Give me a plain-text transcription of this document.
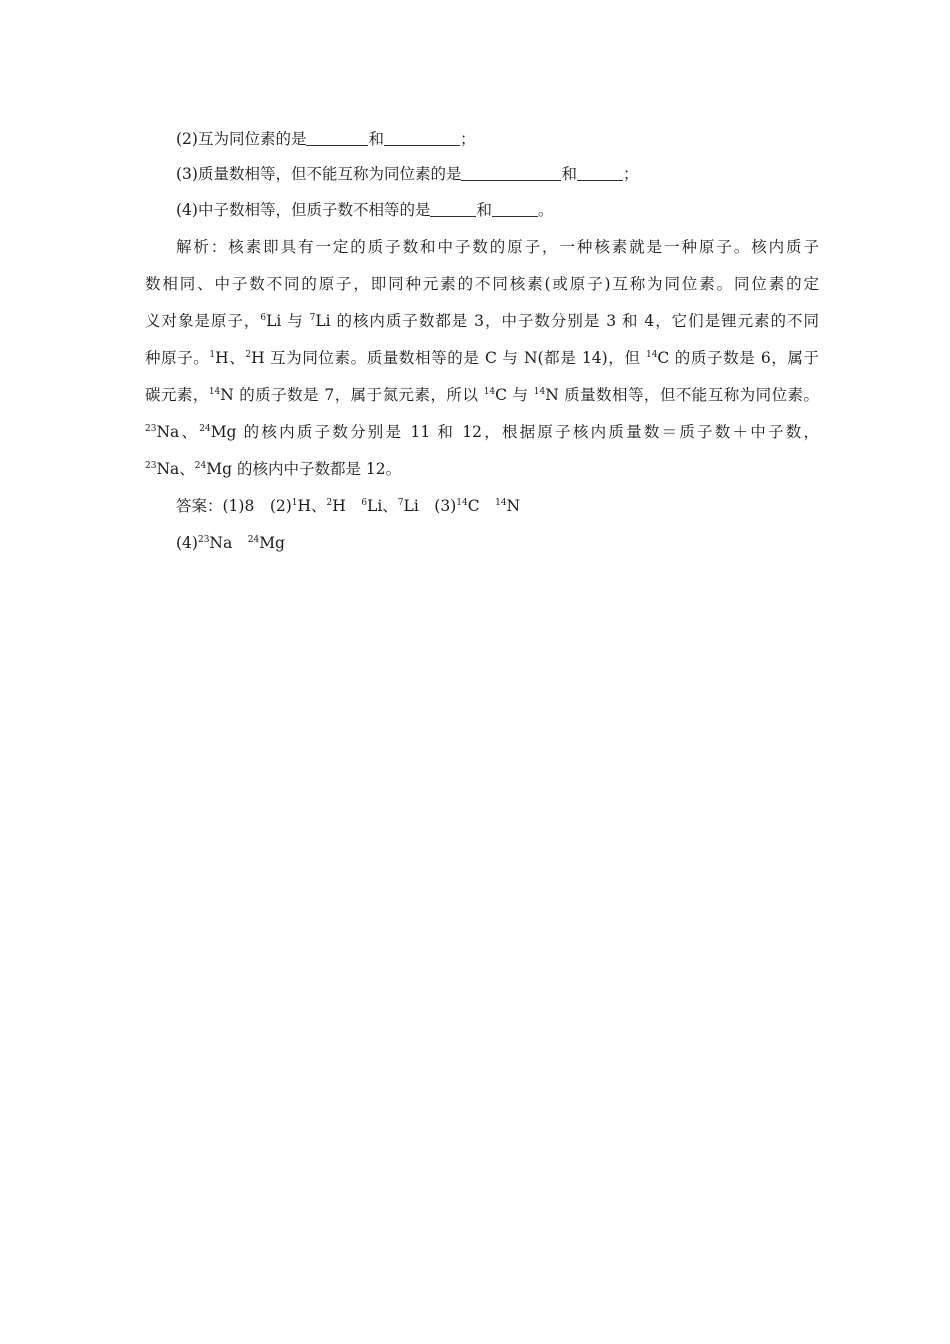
(2)互为同位素的是	和	；
(3)质量数相等，但不能互称为同位素的是	和	；
(4)中子数相等，但质子数不相等的是	和	。
解析：核素即具有一定的质子数和中子数的原子，一种核素就是一种原子。核内质子
数相同、中子数不同的原子，即同种元素的不同核素(或原子)互称为同位素。同位素的定
义对象是原子，$^6$Li 与 $^7$Li 的核内质子数都是 3，中子数分别是 3 和 4，它们是锂元素的不同
种原子。$^1$H、$^2$H 互为同位素。质量数相等的是 C 与 N(都是 14)，但 $^{14}$C 的质子数是 6，属于
碳元素，$^{14}$N 的质子数是 7，属于氮元素，所以 $^{14}$C 与 $^{14}$N 质量数相等，但不能互称为同位素。
$^{23}$Na、$^{24}$Mg 的核内质子数分别是 11 和 12，根据原子核内质量数＝质子数＋中子数，
$^{23}$Na、$^{24}$Mg 的核内中子数都是 12。
答案：(1)8　$(2)^1H$、$^2$H　$^6$Li、$^7$Li　$(3)^{14}C$　$^{14}$N
$(4)^{23}Na$　$^{24}$Mg
